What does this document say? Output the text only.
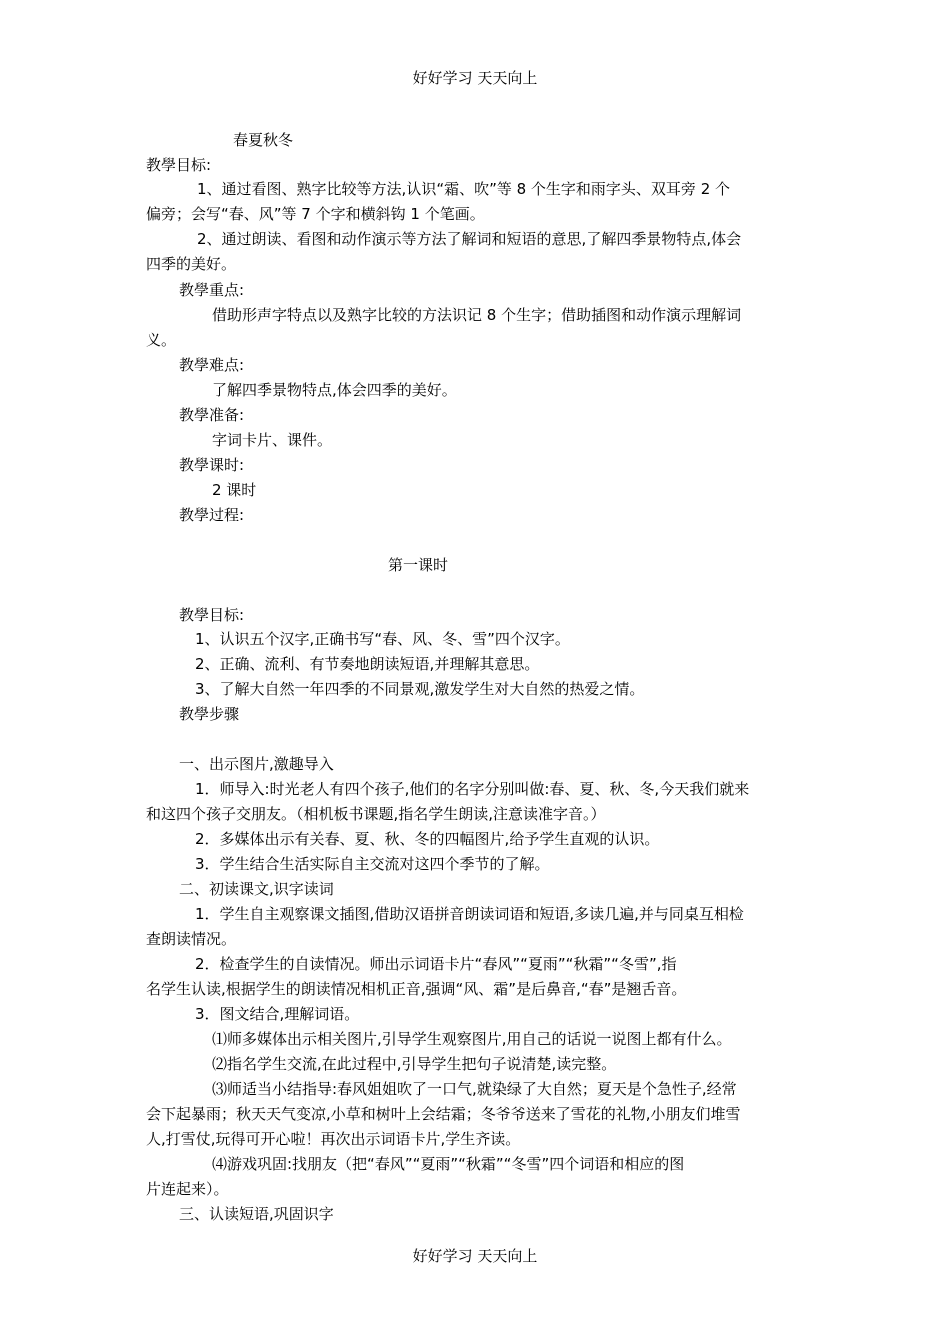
好好学习 天天向上
春夏秋冬
教學目标:
1、通过看图、熟字比较等方法,认识“霜、吹”等 8 个生字和雨字头、双耳旁 2 个
偏旁；会写“春、风”等 7 个字和横斜钩 1 个笔画。
2、通过朗读、看图和动作演示等方法了解词和短语的意思,了解四季景物特点,体会
四季的美好。
教學重点:
借助形声字特点以及熟字比较的方法识记 8 个生字；借助插图和动作演示理解词
义。
教學难点:
了解四季景物特点,体会四季的美好。
教學准备:
字词卡片、课件。
教學课时:
2 课时
教學过程:
第一课时
教學目标:
1、认识五个汉字,正确书写“春、风、冬、雪”四个汉字。
2、正确、流利、有节奏地朗读短语,并理解其意思。
3、了解大自然一年四季的不同景观,激发学生对大自然的热爱之情。
教學步骤
一、出示图片,激趣导入
1．师导入:时光老人有四个孩子,他们的名字分别叫做:春、夏、秋、冬,今天我们就来
和这四个孩子交朋友。（相机板书课题,指名学生朗读,注意读准字音。）
2．多媒体出示有关春、夏、秋、冬的四幅图片,给予学生直观的认识。
3．学生结合生活实际自主交流对这四个季节的了解。
二、初读课文,识字读词
1．学生自主观察课文插图,借助汉语拼音朗读词语和短语,多读几遍,并与同桌互相检
查朗读情况。
2．检查学生的自读情况。师出示词语卡片“春风”“夏雨”“秋霜”“冬雪”,指
名学生认读,根据学生的朗读情况相机正音,强调“风、霜”是后鼻音,“春”是翘舌音。
3．图文结合,理解词语。
⑴师多媒体出示相关图片,引导学生观察图片,用自己的话说一说图上都有什么。
⑵指名学生交流,在此过程中,引导学生把句子说清楚,读完整。
⑶师适当小结指导:春风姐姐吹了一口气,就染绿了大自然；夏天是个急性子,经常
会下起暴雨；秋天天气变凉,小草和树叶上会结霜；冬爷爷送来了雪花的礼物,小朋友们堆雪
人,打雪仗,玩得可开心啦！再次出示词语卡片,学生齐读。
⑷游戏巩固:找朋友（把“春风”“夏雨”“秋霜”“冬雪”四个词语和相应的图
片连起来）。
三、认读短语,巩固识字
好好学习 天天向上
